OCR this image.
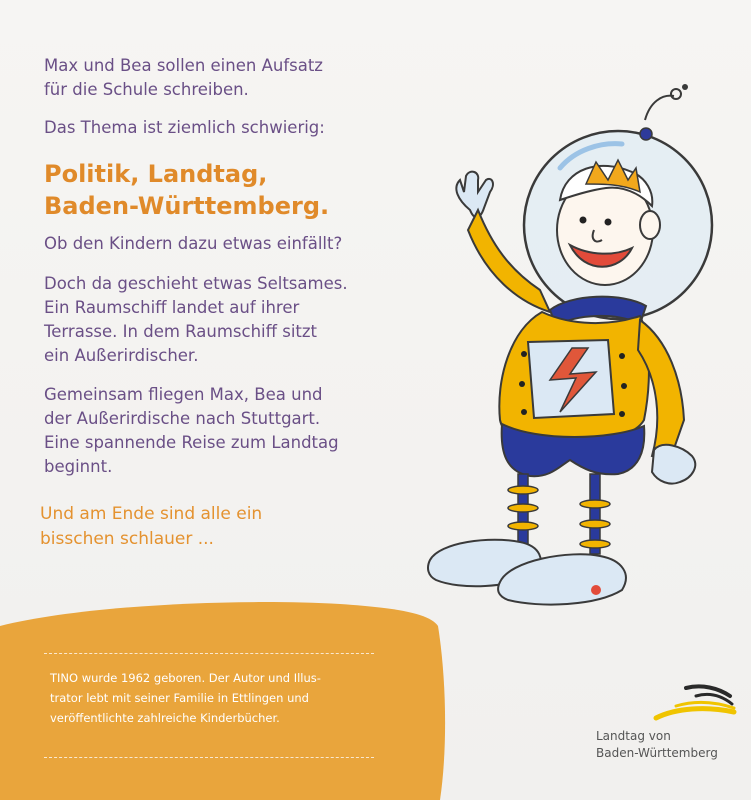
Max und Bea sollen einen Aufsatz
für die Schule schreiben.

Das Thema ist ziemlich schwierig:

Politik, Landtag,
Baden-Württemberg.

Ob den Kindern dazu etwas einfällt?

Doch da geschieht etwas Seltsames.
Ein Raumschiff landet auf ihrer
Terrasse. In dem Raumschiff sitzt
ein Außerirdischer.

Gemeinsam fliegen Max, Bea und
der Außerirdische nach Stuttgart.
Eine spannende Reise zum Landtag
beginnt.

Und am Ende sind alle ein
bisschen schlauer ...

TINO wurde 1962 geboren. Der Autor und Illus-
trator lebt mit seiner Familie in Ettlingen und
veröffentlichte zahlreiche Kinderbücher.

Landtag von
Baden-Württemberg
